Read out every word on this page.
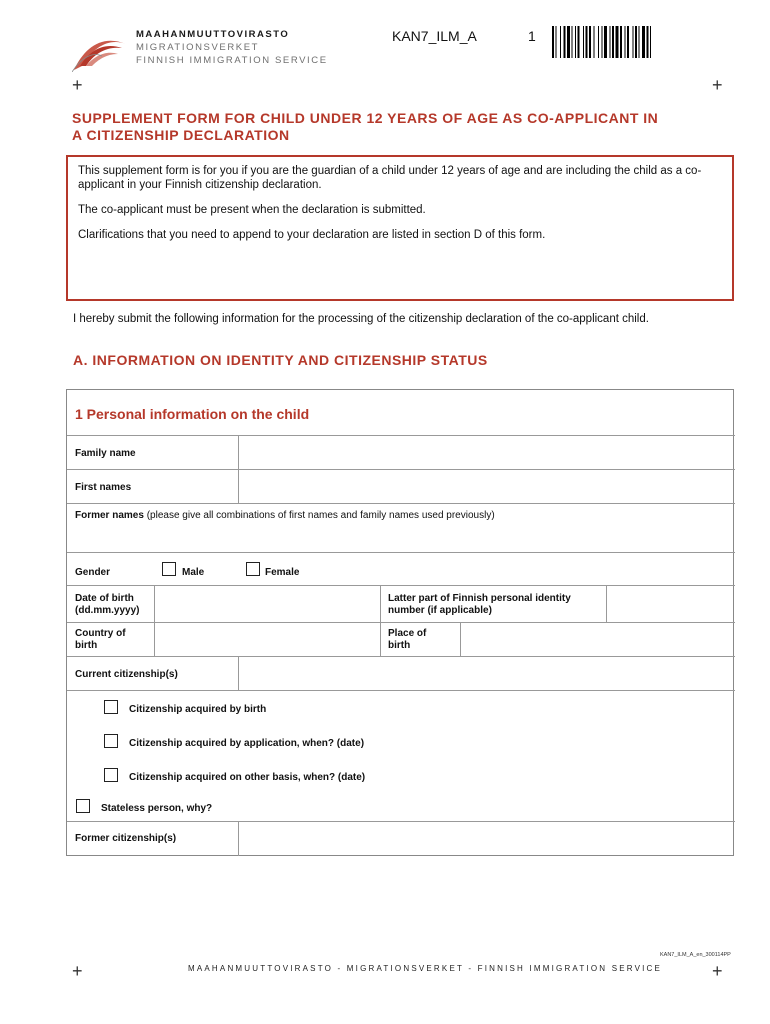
MAAHANMUUTTOVIRASTO
MIGRATIONSVERKET
FINNISH IMMIGRATION SERVICE
KAN7_ILM_A	1
+	+
SUPPLEMENT FORM FOR CHILD UNDER 12 YEARS OF AGE AS CO-APPLICANT IN
A CITIZENSHIP DECLARATION

This supplement form is for you if you are the guardian of a child under 12 years of age and are including the child as a co-applicant in your Finnish citizenship declaration.

The co-applicant must be present when the declaration is submitted.

Clarifications that you need to append to your declaration are listed in section D of this form.

I hereby submit the following information for the processing of the citizenship declaration of the co-applicant child.
A. INFORMATION ON IDENTITY AND CITIZENSHIP STATUS
1 Personal information on the child
Family name
First names
Former names (please give all combinations of first names and family names used previously)
Gender	Male	Female
Date of birth
(dd.mm.yyyy)
Latter part of Finnish personal identity
number (if applicable)
Country of
birth
Place of
birth
Current citizenship(s)
Citizenship acquired by birth
Citizenship acquired by application, when? (date)
Citizenship acquired on other basis, when? (date)
Stateless person, why?
Former citizenship(s)
KAN7_ILM_A_en_300114PP
+	+
MAAHANMUUTTOVIRASTO - MIGRATIONSVERKET - FINNISH IMMIGRATION SERVICE
